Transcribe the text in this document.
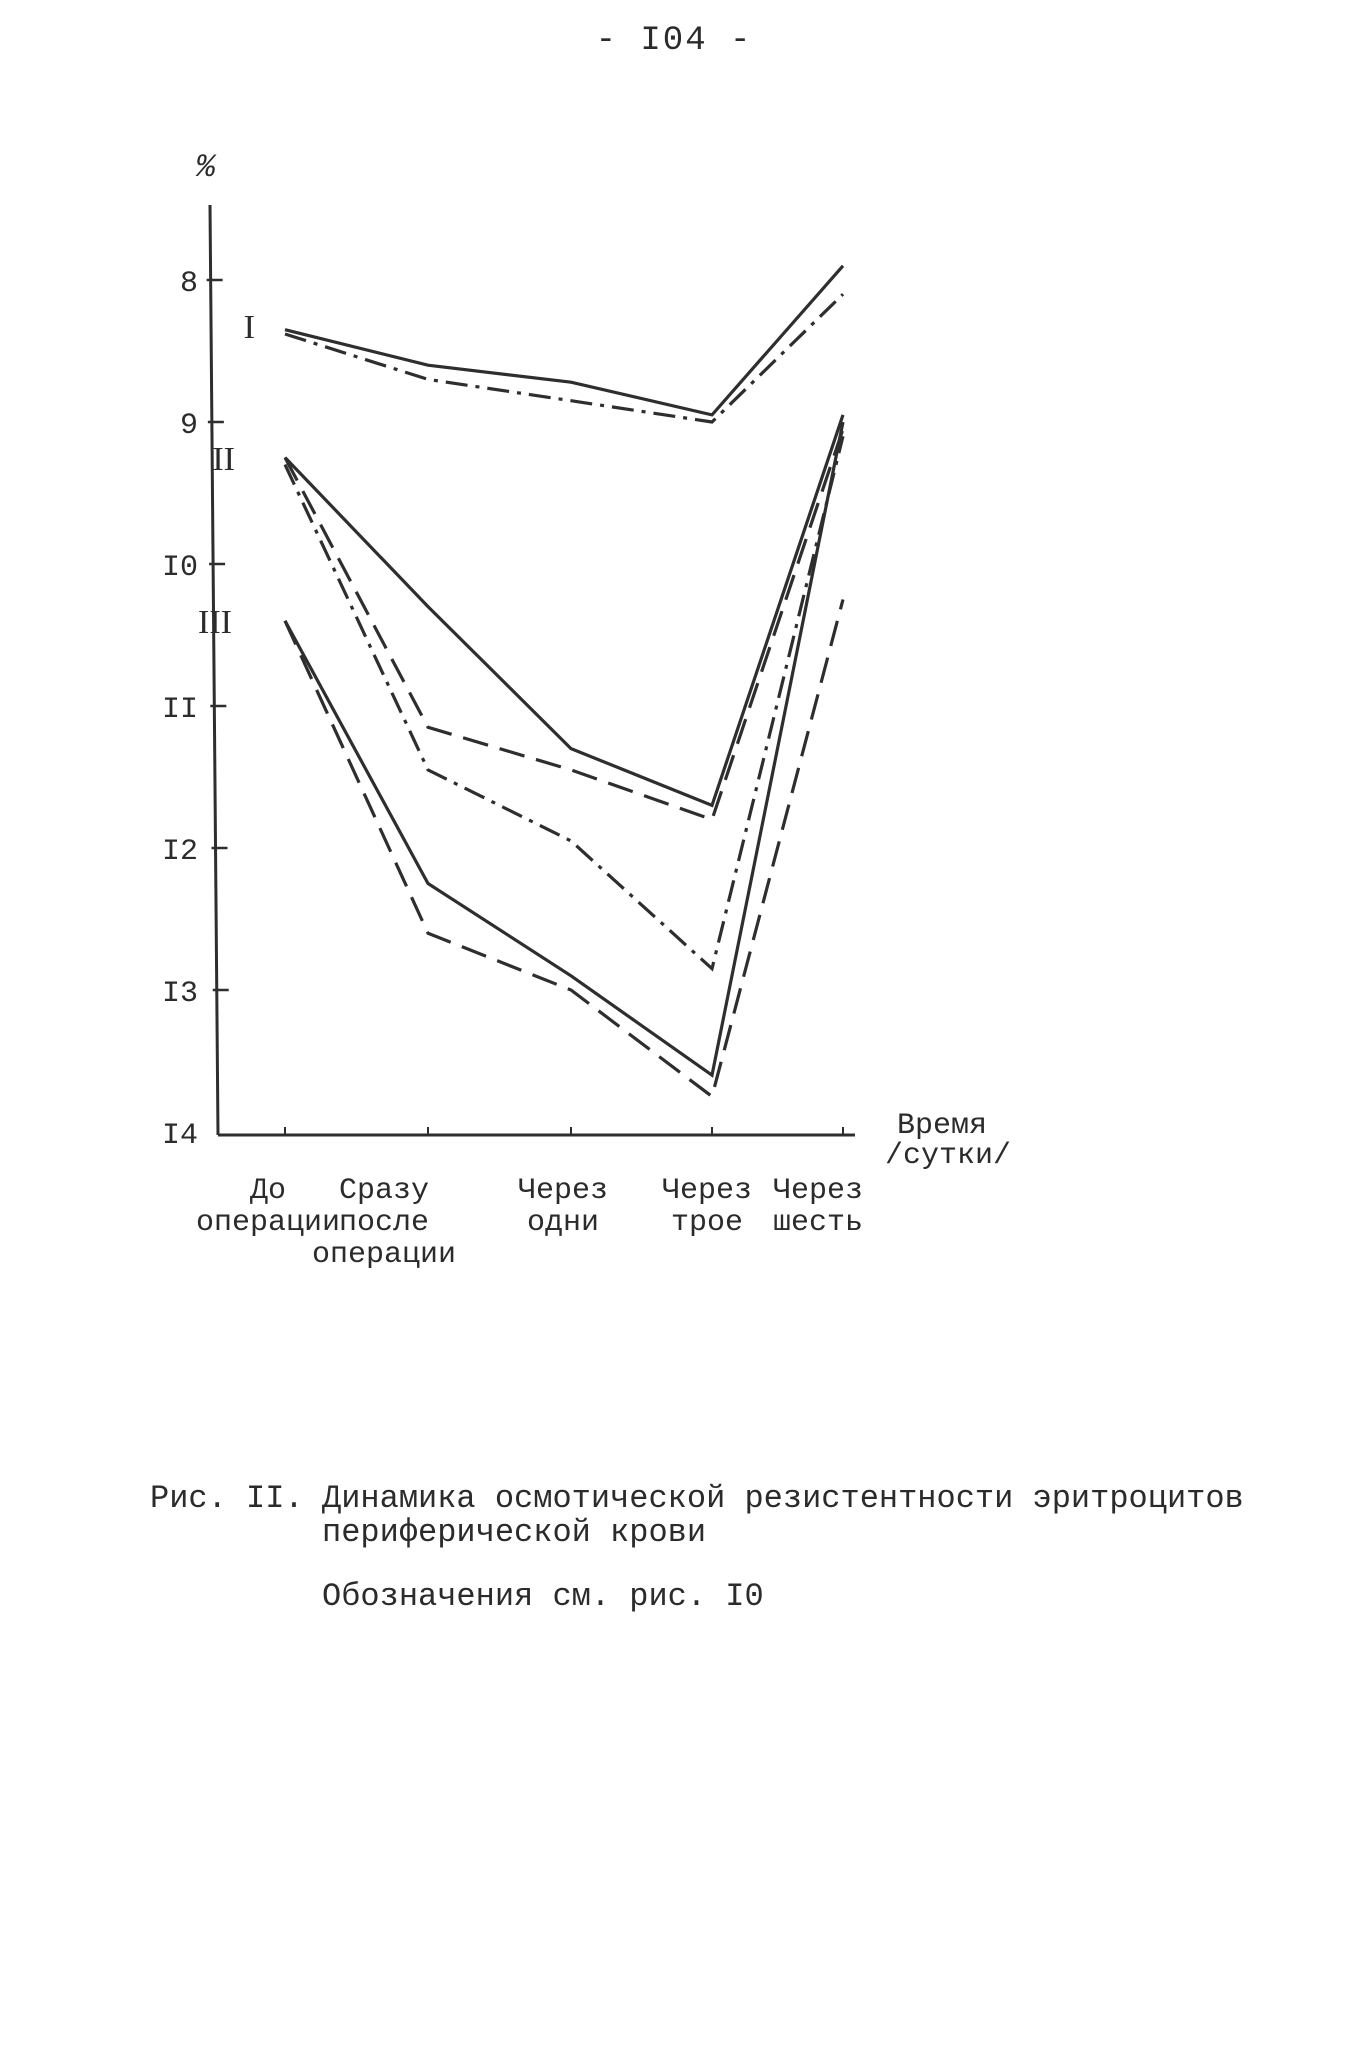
- I04 -
%
8
9
I0
II
I2
I3
I4
I
II
III
До операции
Сразу после операции
Через одни
Через трое
Через шесть
Время /сутки/
Рис. II. Динамика осмотической резистентности эритроцитов
периферической крови
Обозначения см. рис. I0
